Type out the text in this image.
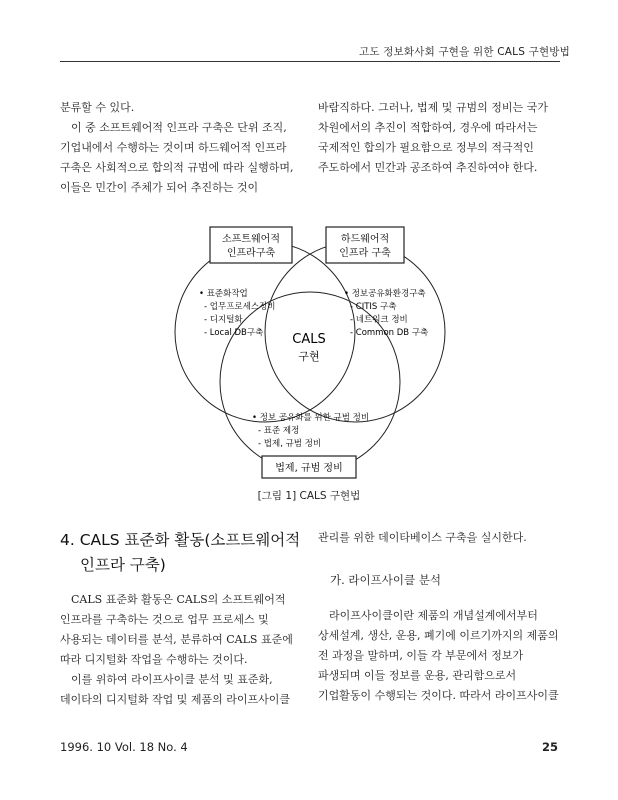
고도 정보화사회 구현을 위한 CALS 구현방법

분류할 수 있다.

이 중 소프트웨어적 인프라 구축은 단위 조직, 기업내에서 수행하는 것이며 하드웨어적 인프라 구축은 사회적으로 합의적 규범에 따라 실행하며, 이들은 민간이 주체가 되어 추진하는 것이

바람직하다. 그러나, 법제 및 규범의 정비는 국가 차원에서의 추진이 적합하여, 경우에 따라서는 국제적인 합의가 필요함으로 정부의 적극적인 주도하에서 민간과 공조하여 추진하여야 한다.

소프트웨어적
인프라구축
하드웨어적
인프라 구축
법제, 규범 정비
• 표준화작업
- 업무프로세스정비
- 디지털화
- Local DB구축
• 정보공유화환경구축
- CITIS 구축
- 네트워크 정비
- Common DB 구축
CALS
구현
• 정보 공유화를 위한 규범 정비
- 표준 제정
- 법제, 규범 정비
[그림 1] CALS 구현법
4. CALS 표준화 활동(소프트웨어적
인프라 구축)

CALS 표준화 활동은 CALS의 소프트웨어적 인프라를 구축하는 것으로 업무 프로세스 및 사용되는 데이터를 분석, 분류하여 CALS 표준에 따라 디지털화 작업을 수행하는 것이다.

이를 위하여 라이프사이클 분석 및 표준화, 데이타의 디지털화 작업 및 제품의 라이프사이클

관리를 위한 데이타베이스 구축을 실시한다.

가. 라이프사이클 분석

라이프사이클이란 제품의 개념설계에서부터 상세설계, 생산, 운용, 폐기에 이르기까지의 제품의 전 과정을 말하며, 이들 각 부문에서 정보가 파생되며 이들 정보를 운용, 관리함으로서 기업활동이 수행되는 것이다. 따라서 라이프사이클

1996. 10 Vol. 18 No. 4	25
